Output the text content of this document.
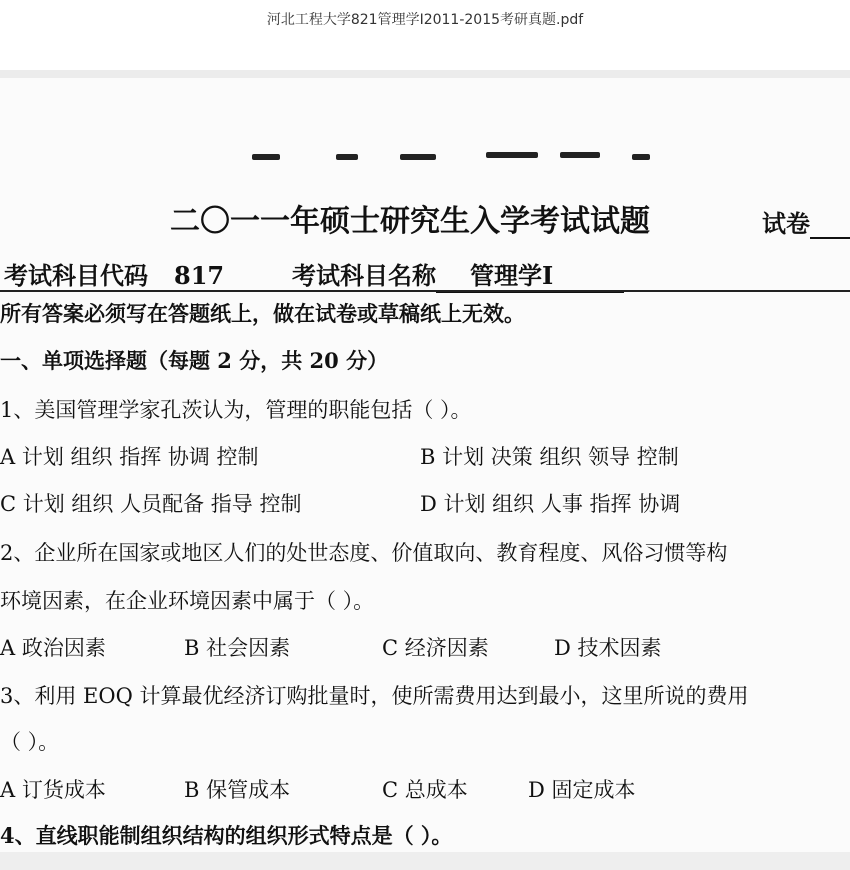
河北工程大学821管理学Ⅰ2011-2015考研真题.pdf
二〇一一年硕士研究生入学考试试题	试卷
考试科目代码 817	考试科目名称 管理学Ⅰ
所有答案必须写在答题纸上，做在试卷或草稿纸上无效。
一、单项选择题（每题 2 分，共 20 分）
1、美国管理学家孔茨认为，管理的职能包括（ ）。
A 计划 组织 指挥 协调 控制	B 计划 决策 组织 领导 控制
C 计划 组织 人员配备 指导 控制	D 计划 组织 人事 指挥 协调
2、企业所在国家或地区人们的处世态度、价值取向、教育程度、风俗习惯等构
环境因素，在企业环境因素中属于（ ）。
A 政治因素	B 社会因素	C 经济因素	D 技术因素
3、利用 EOQ 计算最优经济订购批量时，使所需费用达到最小，这里所说的费用
（ ）。
A 订货成本	B 保管成本	C 总成本	D 固定成本
4、直线职能制组织结构的组织形式特点是（ ）。
